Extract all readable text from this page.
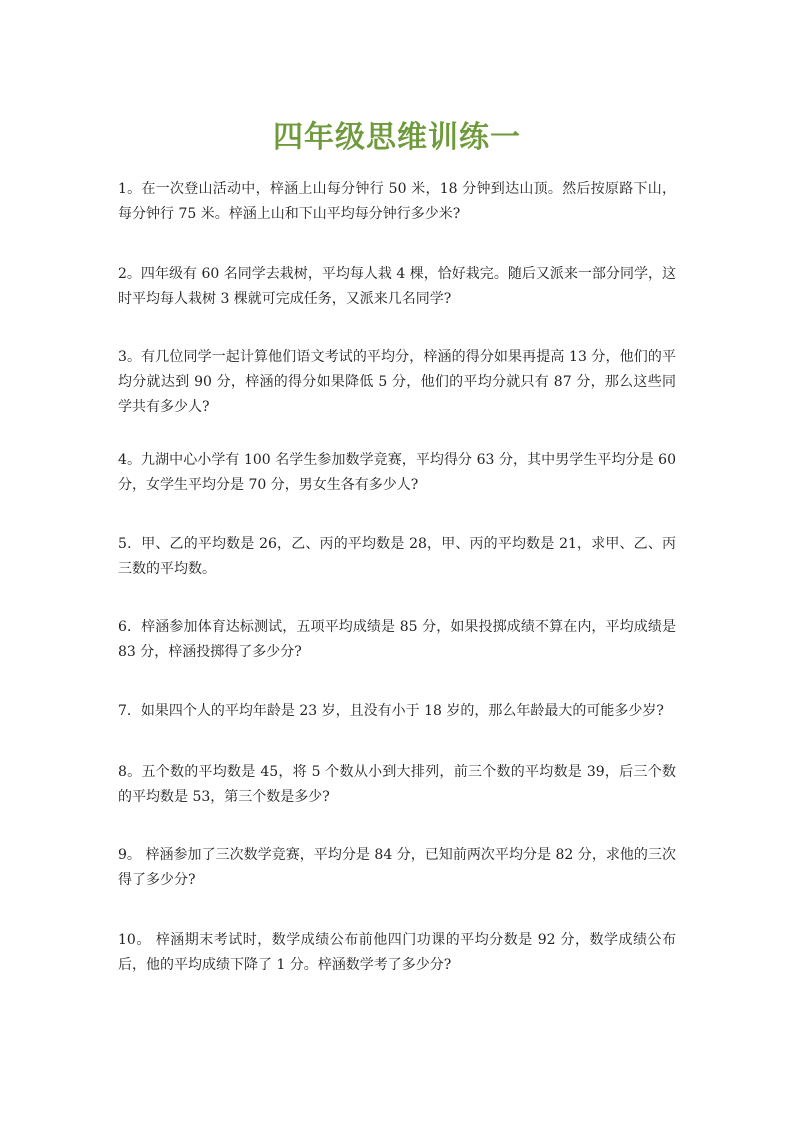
四年级思维训练一

1。在一次登山活动中，梓涵上山每分钟行 50 米，18 分钟到达山顶。然后按原路下山，每分钟行 75 米。梓涵上山和下山平均每分钟行多少米?

2。四年级有 60 名同学去栽树，平均每人栽 4 棵，恰好栽完。随后又派来一部分同学，这时平均每人栽树 3 棵就可完成任务，又派来几名同学?

3。有几位同学一起计算他们语文考试的平均分，梓涵的得分如果再提高 13 分，他们的平均分就达到 90 分，梓涵的得分如果降低 5 分，他们的平均分就只有 87 分，那么这些同学共有多少人?

4。九湖中心小学有 100 名学生参加数学竞赛，平均得分 63 分，其中男学生平均分是 60 分，女学生平均分是 70 分，男女生各有多少人?

5．甲、乙的平均数是 26，乙、丙的平均数是 28，甲、丙的平均数是 21，求甲、乙、丙三数的平均数。

6．梓涵参加体育达标测试，五项平均成绩是 85 分，如果投掷成绩不算在内，平均成绩是 83 分，梓涵投掷得了多少分?

7．如果四个人的平均年龄是 23 岁，且没有小于 18 岁的，那么年龄最大的可能多少岁?

8。五个数的平均数是 45，将 5 个数从小到大排列，前三个数的平均数是 39，后三个数的平均数是 53，第三个数是多少?

9。 梓涵参加了三次数学竞赛，平均分是 84 分，已知前两次平均分是 82 分，求他的三次得了多少分?

10。 梓涵期末考试时，数学成绩公布前他四门功课的平均分数是 92 分，数学成绩公布后，他的平均成绩下降了 1 分。梓涵数学考了多少分?
